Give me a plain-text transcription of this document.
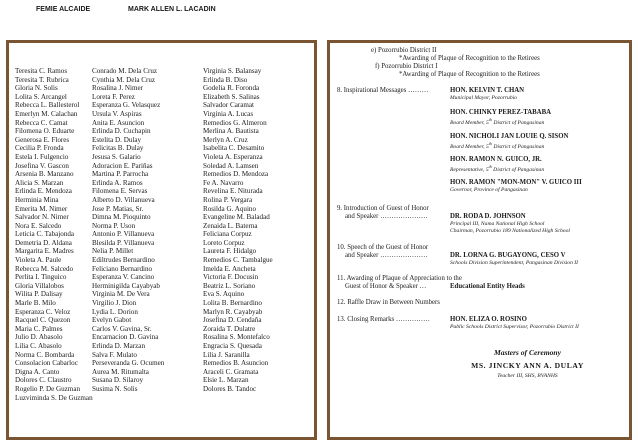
FEMIE ALCAIDE	MARK ALLEN L. LACADIN
Teresita C. Ramos
Teresita T. Rubrica
Gloria N. Solis
Lolita S. Arcangel
Rebecca L. Ballesterol
Emerlyn M. Calachan
Rebecca C. Camat
Filomena O. Eduarte
Generosa E. Flores
Cecilia P. Fronda
Estela I. Fulgencio
Josefina V. Gascon
Arsenia B. Manzano
Alicia S. Marzan
Erlinda E. Mendoza
Herminia Mina
Emerita M. Nimer
Salvador N. Nimer
Nora E. Salcedo
Leticia C. Tabajonda
Demetria D. Aldana
Margarita E. Madres
Violeta A. Paule
Rebecca M. Salcedo
Perlita I. Tinguico
Gloria Villalobos
Wilita P. Dalisay
Marle B. Milo
Esperanza C. Veloz
Racquel C. Quezon
Maria C. Palmes
Julio D. Abasolo
Lilia C. Abasolo
Norma C. Bombarda
Consolacion Cabarloc
Digna A. Canto
Dolores C. Claustro
Rogelio P. De Guzman
Luzviminda S. De Guzman
Conrado M. Dela Cruz
Cynthia M. Dela Cruz
Rosalina J. Nimer
Loreta F. Perez
Esperanza G. Velasquez
Ursula V. Aspiras
Anita E. Asuncion
Erlinda D. Cuchapin
Estelita D. Dulay
Felicitas B. Dulay
Jesusa S. Galario
Adoracion E. Pariñas
Martina P. Parrocha
Erlinda A. Ramos
Filomena E. Servas
Alberto D. Villanueva
Jose P. Matias, Sr.
Dimna M. Pioquinto
Norma P. Uson
Antonio P. Villanueva
Blesilda P. Villanueva
Nelia P. Millet
Ediltrudes Bernardino
Feliciano Bernardino
Esperanza V. Cancino
Herminigilda Cayabyab
Virginia M. De Vera
Virgilio J. Dion
Lydia L. Dorion
Evelyn Gabot
Carlos V. Gavina, Sr.
Encarnacion D. Gavina
Erlinda D. Marzan
Salva F. Mulato
Perseveranda G. Ocumen
Aurea M. Ritumalta
Susana D. Silaroy
Susima N. Solis
Virginia S. Balansay
Erlinda B. Diso
Godelia R. Foronda
Elizabeth S. Salinas
Salvador Caramat
Virginia A. Lucas
Remedios G. Almeron
Merlina A. Bautista
Merlyn A. Cruz
Isabelita C. Desamito
Violeta A. Esperanza
Soledad A. Lamsen
Remedios D. Mendoza
Fe A. Navarro
Revelina E. Niturada
Rolina P. Vergara
Rosilda G. Aquino
Evangeline M. Baladad
Zenaida L. Baterna
Feliciana Corpuz
Loreto Corpuz
Laureta F. Hidalgo
Remedios C. Tambalgue
Imelda E. Ancheta
Victoria F. Docusin
Beatriz L. Soriano
Eva S. Aquino
Lolita B. Bernardino
Marlyn R. Cayabyab
Josefina D. Cendaña
Zoraida T. Dulatre
Rosalina S. Montefalco
Engracia S. Quesada
Lilia J. Saranilla
Remedios B. Asuncion
Araceli C. Gramata
Elsie L. Marzan
Dolores B. Tandoc
e) Pozorrubio District II
*Awarding of Plaque of Recognition to the Retirees
f) Pozorrubio District I
*Awarding of Plaque of Recognition to the Retirees
8. Inspirational Messages ………	HON. KELVIN T. CHAN
Municipal Mayor, Pozorrubio
HON. CHINKY PEREZ-TABABA
Board Member, 5th District of Pangasinan
HON. NICHOLI JAN LOUIE Q. SISON
Board Member, 5th District of Pangasinan
HON. RAMON N. GUICO, JR.
Representative, 5th District of Pangasinan
HON. RAMON "MON-MON" V. GUICO III
Governor, Province of Pangasinan
9. Introduction of Guest of Honor
and Speaker …………………	DR. RODA D. JOHNSON
Principal III, Nama National High School
Chairman, Pozorrubio 189 Nationalized High School
10. Speech of the Guest of Honor
and Speaker …………………	DR. LORNA G. BUGAYONG, CESO V
Schools Division Superintendent, Pangasinan Division II
11. Awarding of Plaque of Appreciation to the
Guest of Honor & Speaker …	Educational Entity Heads
12. Raffle Draw in Between Numbers
13. Closing Remarks ……………	HON. ELIZA O. ROSINO
Public Schools District Supervisor, Pozorrubio District II
Masters of Ceremony
MS. JINCKY ANN A. DULAY
Teacher III, SHS, BVANHS
